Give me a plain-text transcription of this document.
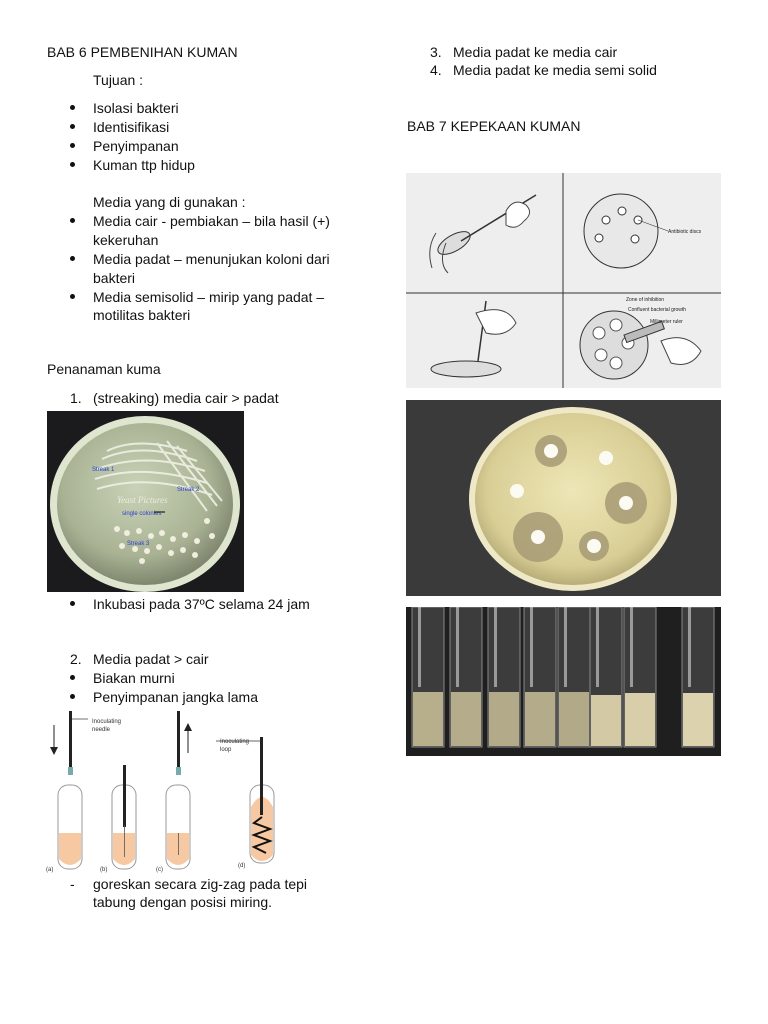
BAB 6 PEMBENIHAN KUMAN
Tujuan :
Isolasi bakteri
Identisifikasi
Penyimpanan
Kuman ttp hidup
Media yang di gunakan :
Media cair - pembiakan – bila hasil (+)
kekeruhan
Media padat – menunjukan koloni dari
bakteri
Media semisolid – mirip yang padat –
motilitas bakteri
Penanaman kuma
1. (streaking) media cair > padat
Streak 1
Streak 2
single colonies
Streak 3
Yeast Pictures
Inkubasi pada 37ºC selama 24 jam
2. Media padat > cair
Biakan murni
Penyimpanan jangka lama
Inoculating
needle
Inoculating
loop
(a)	(b)	(c)
(d)
- goreskan secara zig-zag pada tepi
tabung dengan posisi miring.
3. Media padat ke media cair
4. Media padat ke media semi solid
BAB 7 KEPEKAAN KUMAN
Antibiotic discs
Zone of inhibition
Confluent bacterial growth
Millimeter ruler
